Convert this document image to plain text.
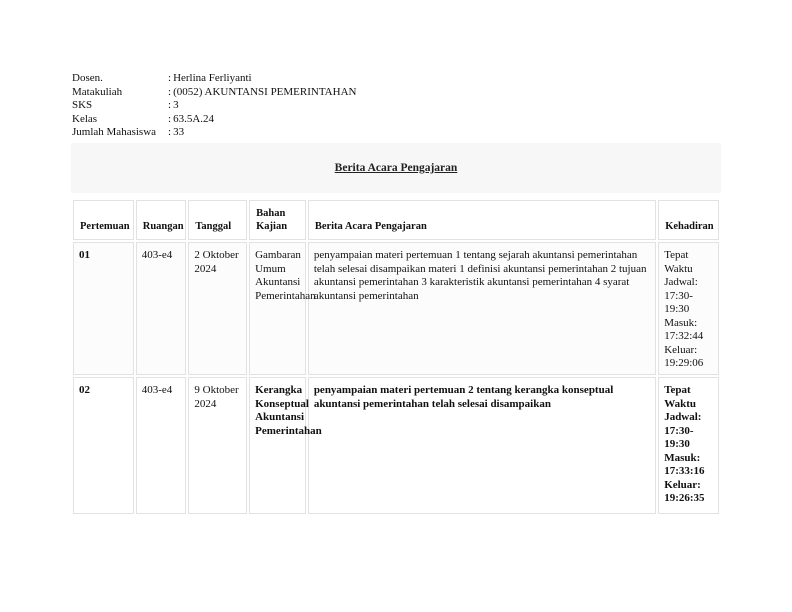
Dosen.	: Herlina Ferliyanti
Matakuliah	: (0052) AKUNTANSI PEMERINTAHAN
SKS	: 3
Kelas	: 63.5A.24
Jumlah Mahasiswa	: 33
Berita Acara Pengajaran
Pertemuan	Ruangan	Tanggal	Bahan Kajian	Berita Acara Pengajaran	Kehadiran
01	403-e4	2 Oktober 2024	Gambaran Umum Akuntansi Pemerintahan	penyampaian materi pertemuan 1 tentang sejarah akuntansi pemerintahan telah selesai disampaikan materi 1 definisi akuntansi pemerintahan 2 tujuan akuntansi pemerintahan 3 karakteristik akuntansi pemerintahan 4 syarat akuntansi pemerintahan	Tepat Waktu Jadwal: 17:30-19:30 Masuk: 17:32:44 Keluar: 19:29:06
02	403-e4	9 Oktober 2024	Kerangka Konseptual Akuntansi Pemerintahan	penyampaian materi pertemuan 2 tentang kerangka konseptual akuntansi pemerintahan telah selesai disampaikan	Tepat Waktu Jadwal: 17:30-19:30 Masuk: 17:33:16 Keluar: 19:26:35
